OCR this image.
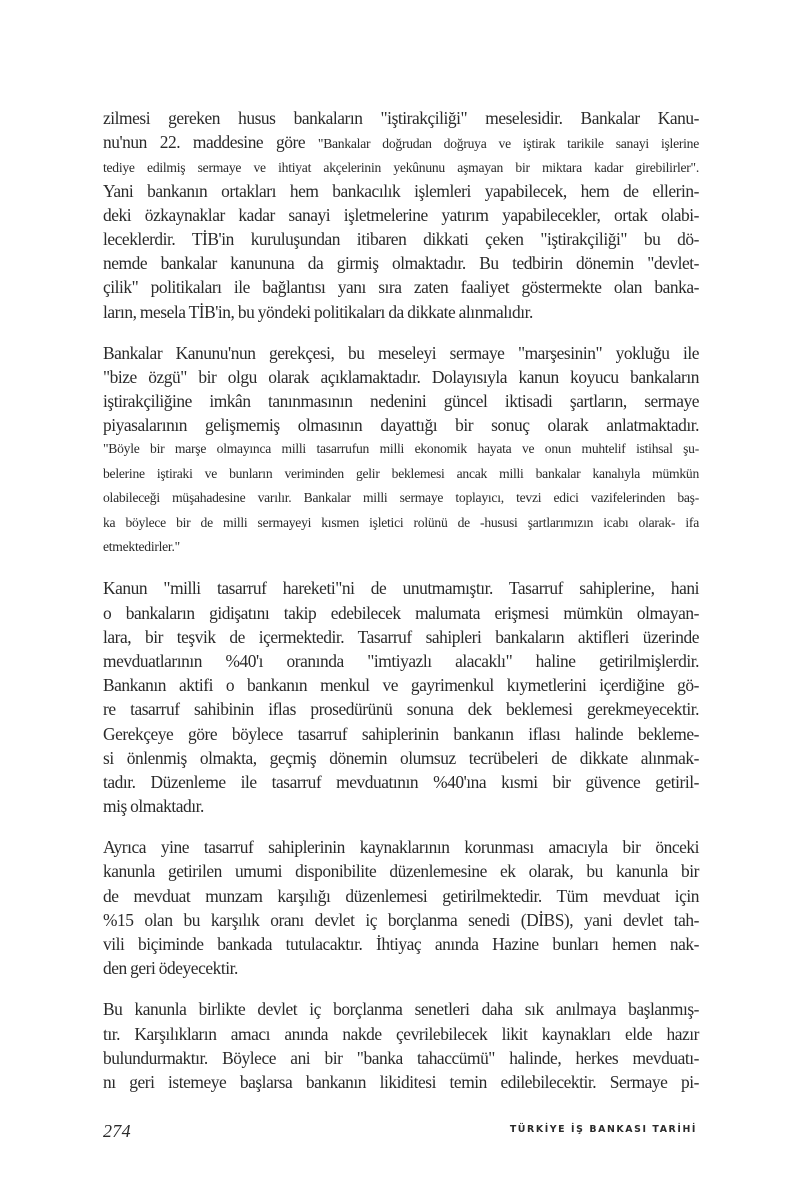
zilmesi gereken husus bankaların "iştirakçiliği" meselesidir. Bankalar Kanu-
nu'nun 22. maddesine göre "Bankalar doğrudan doğruya ve iştirak tarikile sanayi işlerine
tediye edilmiş sermaye ve ihtiyat akçelerinin yekûnunu aşmayan bir miktara kadar girebilirler".
Yani bankanın ortakları hem bankacılık işlemleri yapabilecek, hem de ellerin-
deki özkaynaklar kadar sanayi işletmelerine yatırım yapabilecekler, ortak olabi-
leceklerdir. TİB'in kuruluşundan itibaren dikkati çeken "iştirakçiliği" bu dö-
nemde bankalar kanununa da girmiş olmaktadır. Bu tedbirin dönemin "devlet-
çilik" politikaları ile bağlantısı yanı sıra zaten faaliyet göstermekte olan banka-
ların, mesela TİB'in, bu yöndeki politikaları da dikkate alınmalıdır.
Bankalar Kanunu'nun gerekçesi, bu meseleyi sermaye "marşesinin" yokluğu ile
"bize özgü" bir olgu olarak açıklamaktadır. Dolayısıyla kanun koyucu bankaların
iştirakçiliğine imkân tanınmasının nedenini güncel iktisadi şartların, sermaye
piyasalarının gelişmemiş olmasının dayattığı bir sonuç olarak anlatmaktadır.
"Böyle bir marşe olmayınca milli tasarrufun milli ekonomik hayata ve onun muhtelif istihsal şu-
belerine iştiraki ve bunların veriminden gelir beklemesi ancak milli bankalar kanalıyla mümkün
olabileceği müşahadesine varılır. Bankalar milli sermaye toplayıcı, tevzi edici vazifelerinden baş-
ka böylece bir de milli sermayeyi kısmen işletici rolünü de -hususi şartlarımızın icabı olarak- ifa
etmektedirler."
Kanun "milli tasarruf hareketi"ni de unutmamıştır. Tasarruf sahiplerine, hani
o bankaların gidişatını takip edebilecek malumata erişmesi mümkün olmayan-
lara, bir teşvik de içermektedir. Tasarruf sahipleri bankaların aktifleri üzerinde
mevduatlarının %40'ı oranında "imtiyazlı alacaklı" haline getirilmişlerdir.
Bankanın aktifi o bankanın menkul ve gayrimenkul kıymetlerini içerdiğine gö-
re tasarruf sahibinin iflas prosedürünü sonuna dek beklemesi gerekmeyecektir.
Gerekçeye göre böylece tasarruf sahiplerinin bankanın iflası halinde bekleme-
si önlenmiş olmakta, geçmiş dönemin olumsuz tecrübeleri de dikkate alınmak-
tadır. Düzenleme ile tasarruf mevduatının %40'ına kısmi bir güvence getiril-
miş olmaktadır.
Ayrıca yine tasarruf sahiplerinin kaynaklarının korunması amacıyla bir önceki
kanunla getirilen umumi disponibilite düzenlemesine ek olarak, bu kanunla bir
de mevduat munzam karşılığı düzenlemesi getirilmektedir. Tüm mevduat için
%15 olan bu karşılık oranı devlet iç borçlanma senedi (DİBS), yani devlet tah-
vili biçiminde bankada tutulacaktır. İhtiyaç anında Hazine bunları hemen nak-
den geri ödeyecektir.
Bu kanunla birlikte devlet iç borçlanma senetleri daha sık anılmaya başlanmış-
tır. Karşılıkların amacı anında nakde çevrilebilecek likit kaynakları elde hazır
bulundurmaktır. Böylece ani bir "banka tahaccümü" halinde, herkes mevduatı-
nı geri istemeye başlarsa bankanın likiditesi temin edilebilecektir. Sermaye pi-
274	TÜRKİYE İŞ BANKASI TARİHİ
